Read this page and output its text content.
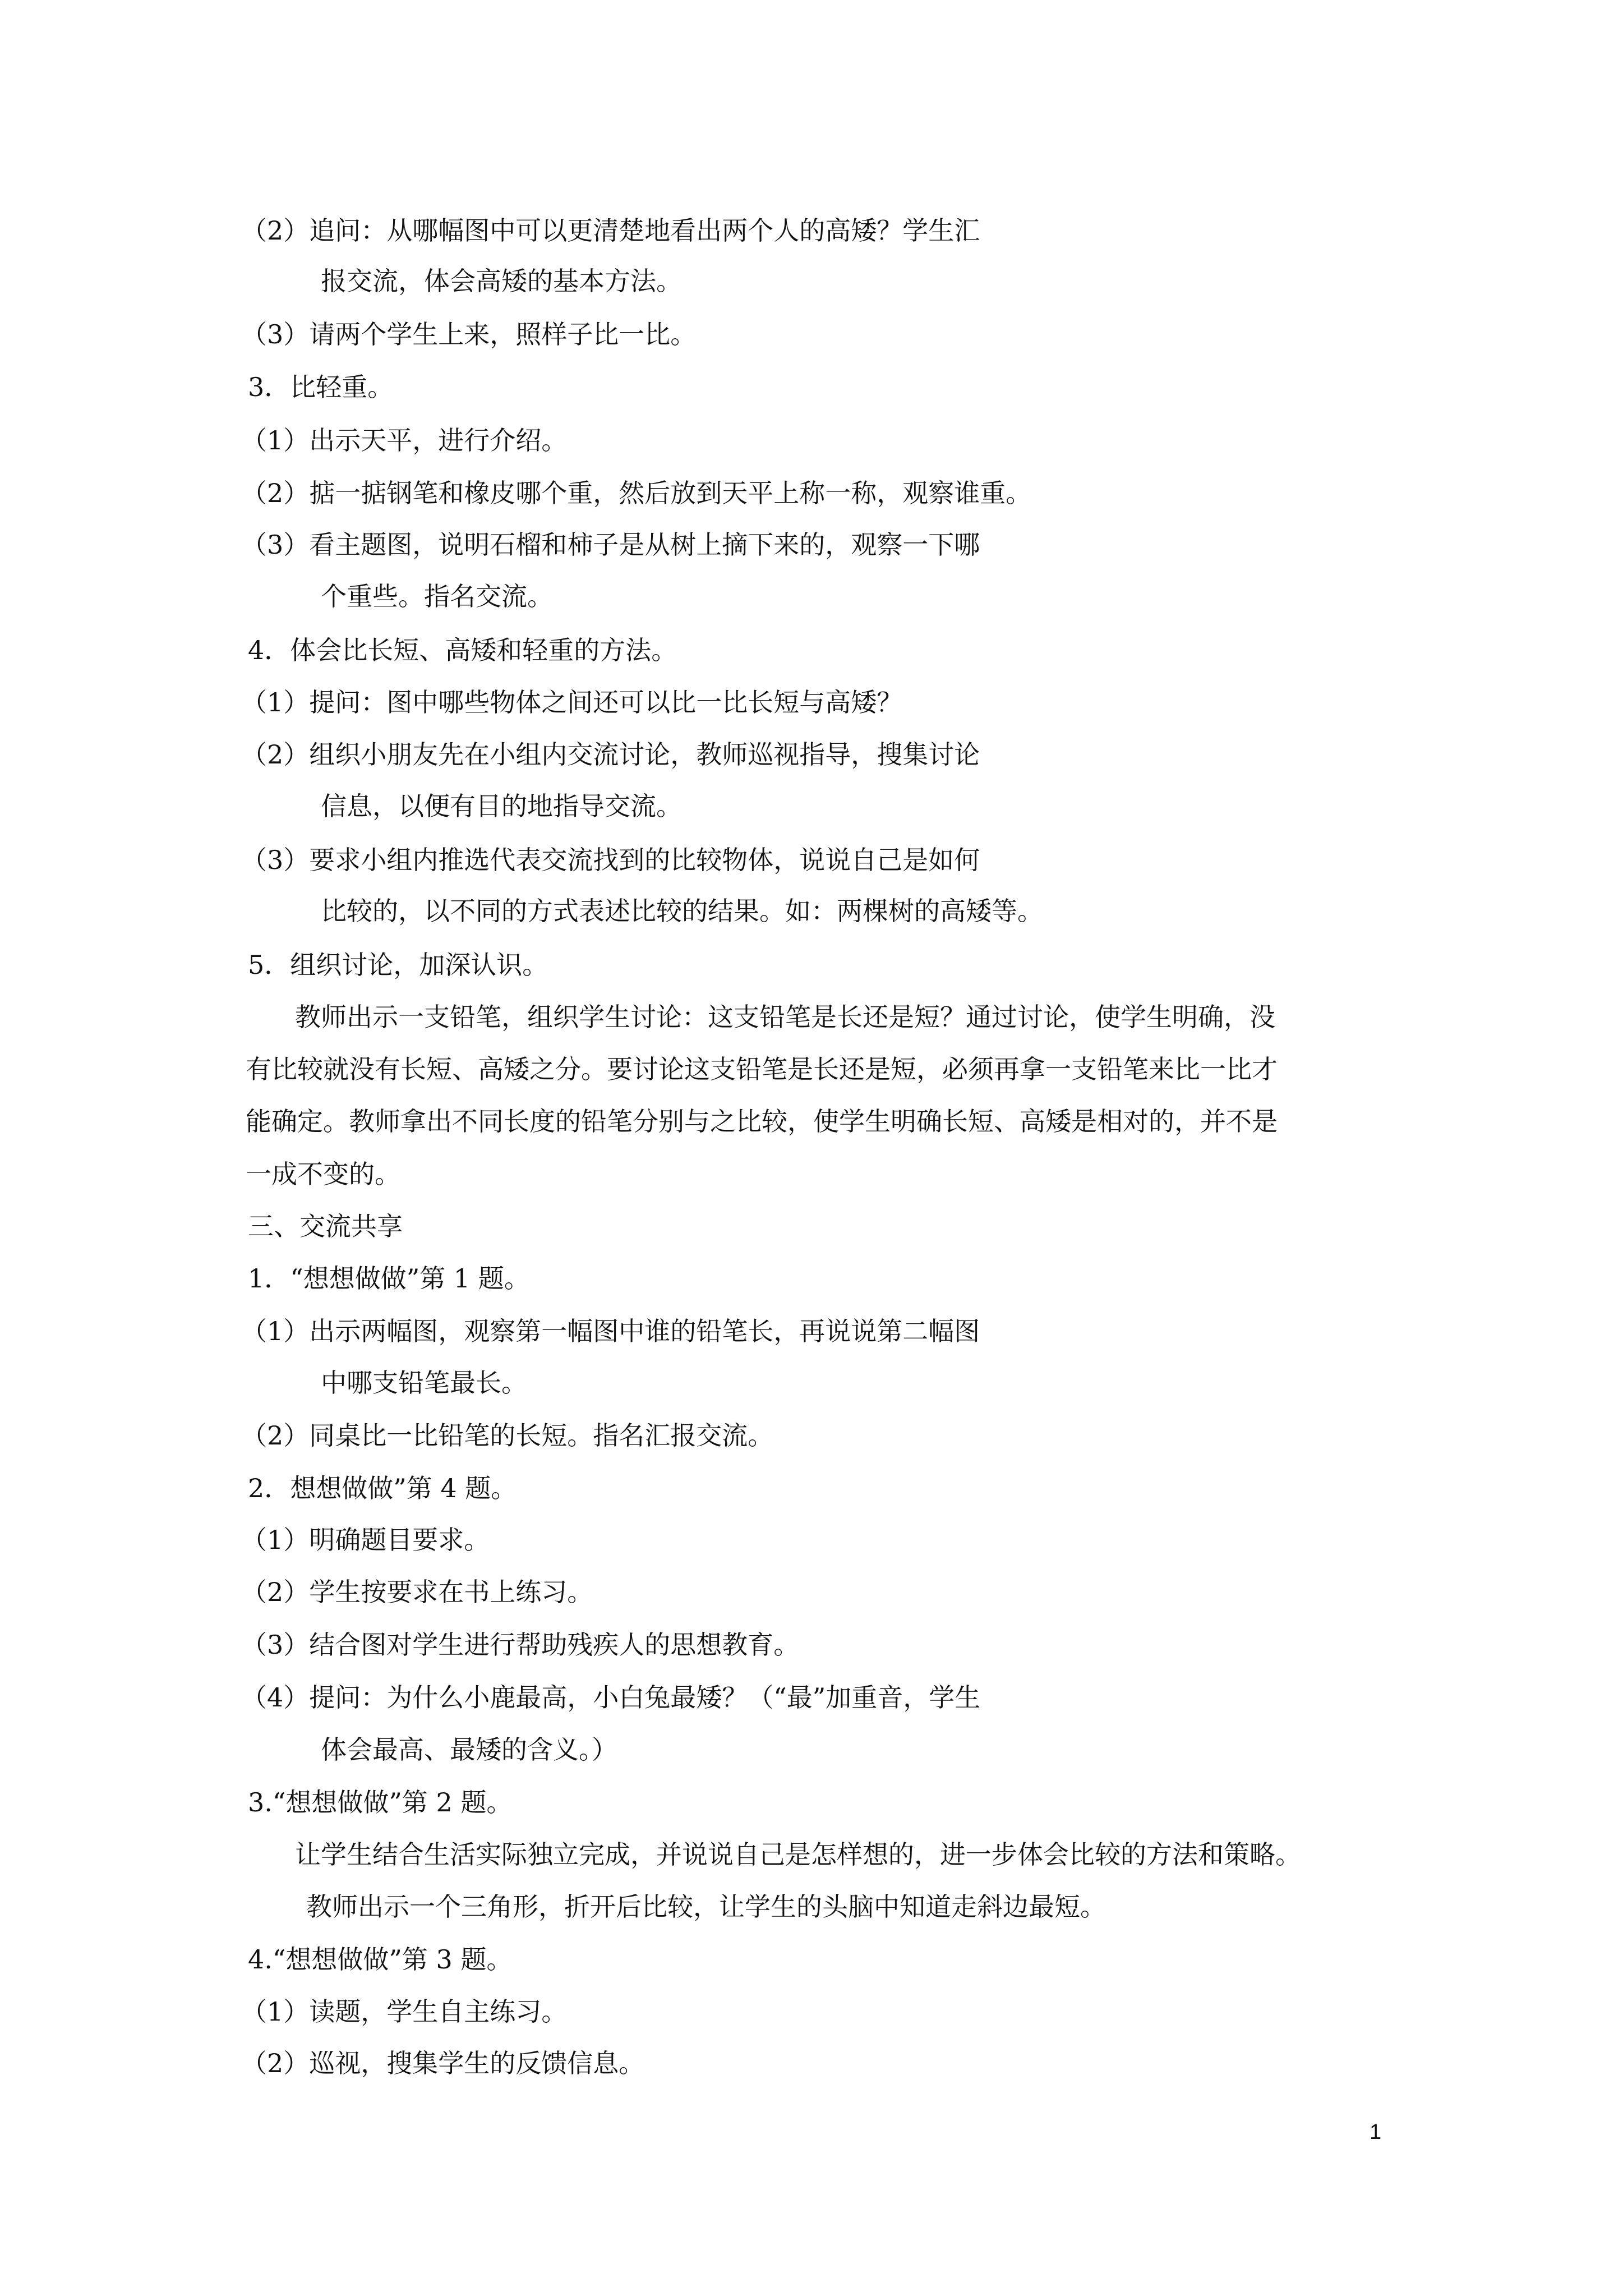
（2）追问：从哪幅图中可以更清楚地看出两个人的高矮？学生汇
报交流，体会高矮的基本方法。
（3）请两个学生上来，照样子比一比。
3．比轻重。
（1）出示天平，进行介绍。
（2）掂一掂钢笔和橡皮哪个重，然后放到天平上称一称，观察谁重。
（3）看主题图，说明石榴和柿子是从树上摘下来的，观察一下哪
个重些。指名交流。
4．体会比长短、高矮和轻重的方法。
（1）提问：图中哪些物体之间还可以比一比长短与高矮？
（2）组织小朋友先在小组内交流讨论，教师巡视指导，搜集讨论
信息，以便有目的地指导交流。
（3）要求小组内推选代表交流找到的比较物体，说说自己是如何
比较的，以不同的方式表述比较的结果。如：两棵树的高矮等。
5．组织讨论，加深认识。
教师出示一支铅笔，组织学生讨论：这支铅笔是长还是短？通过讨论，使学生明确，没
有比较就没有长短、高矮之分。要讨论这支铅笔是长还是短，必须再拿一支铅笔来比一比才
能确定。教师拿出不同长度的铅笔分别与之比较，使学生明确长短、高矮是相对的，并不是
一成不变的。
三、交流共享
1．“想想做做”第 1 题。
（1）出示两幅图，观察第一幅图中谁的铅笔长，再说说第二幅图
中哪支铅笔最长。
（2）同桌比一比铅笔的长短。指名汇报交流。
2．想想做做”第 4 题。
（1）明确题目要求。
（2）学生按要求在书上练习。
（3）结合图对学生进行帮助残疾人的思想教育。
（4）提问：为什么小鹿最高，小白兔最矮？（“最”加重音，学生
体会最高、最矮的含义。）
3.“想想做做”第 2 题。
让学生结合生活实际独立完成，并说说自己是怎样想的，进一步体会比较的方法和策略。
教师出示一个三角形，折开后比较，让学生的头脑中知道走斜边最短。
4.“想想做做”第 3 题。
（1）读题，学生自主练习。
（2）巡视，搜集学生的反馈信息。
1
